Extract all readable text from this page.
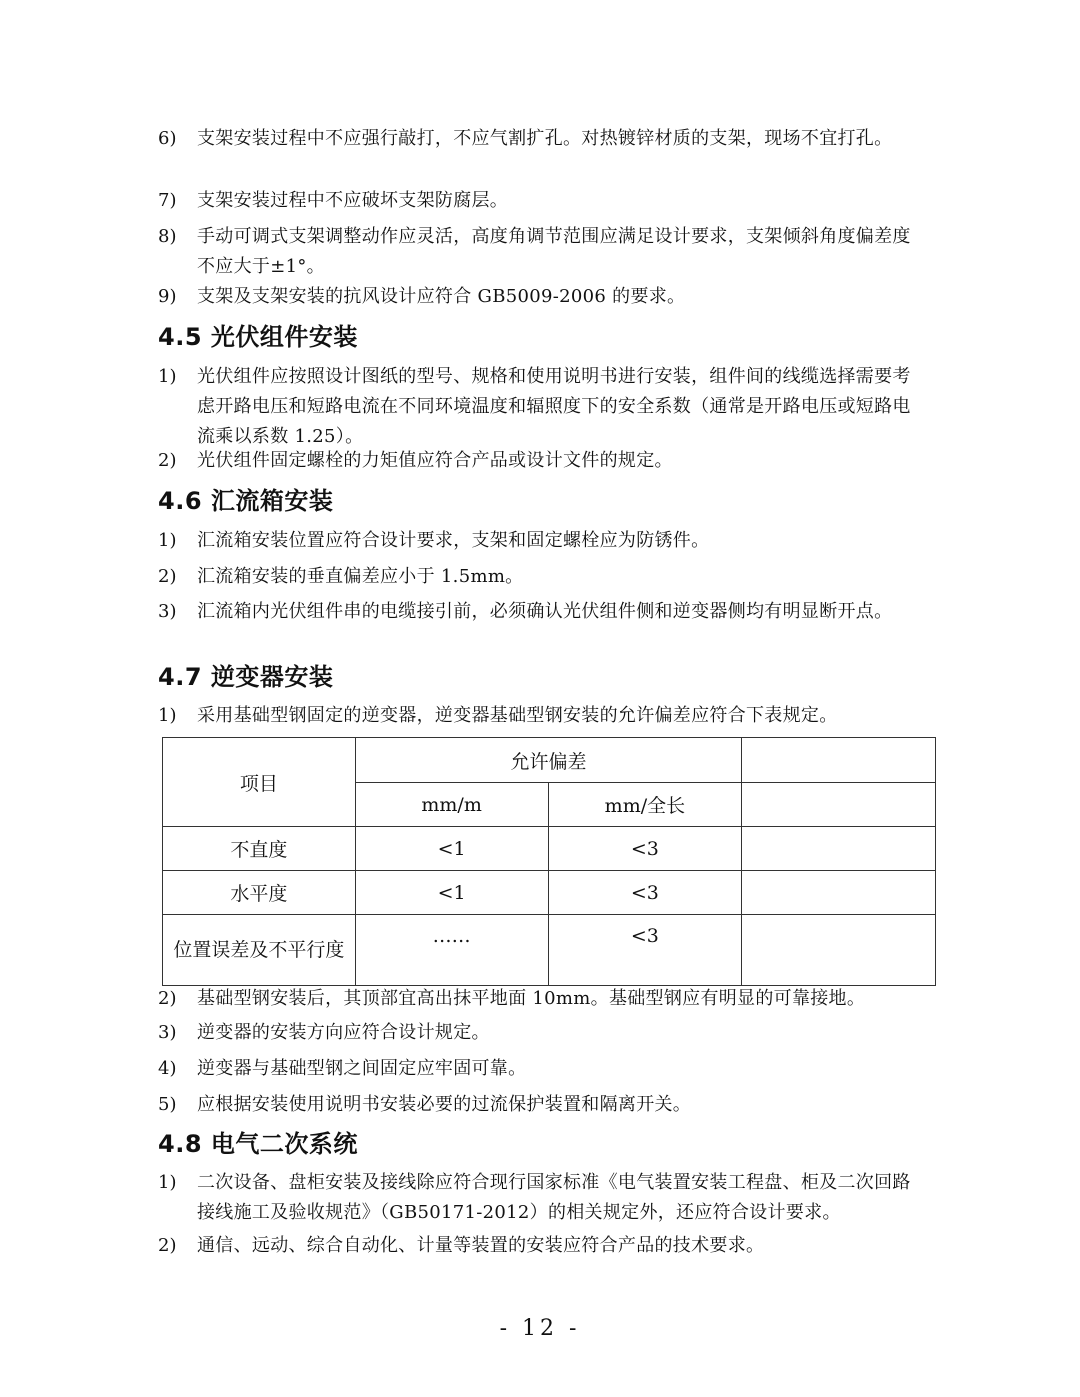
6)	支架安装过程中不应强行敲打，不应气割扩孔。对热镀锌材质的支架，现场不宜打孔。
7)	支架安装过程中不应破坏支架防腐层。
8)	手动可调式支架调整动作应灵活，高度角调节范围应满足设计要求，支架倾斜角度偏差度不应大于±1°。
9)	支架及支架安装的抗风设计应符合 GB5009-2006 的要求。
4.5 光伏组件安装
1)	光伏组件应按照设计图纸的型号、规格和使用说明书进行安装，组件间的线缆选择需要考虑开路电压和短路电流在不同环境温度和辐照度下的安全系数（通常是开路电压或短路电流乘以系数 1.25）。
2)	光伏组件固定螺栓的力矩值应符合产品或设计文件的规定。
4.6 汇流箱安装
1)	汇流箱安装位置应符合设计要求，支架和固定螺栓应为防锈件。
2)	汇流箱安装的垂直偏差应小于 1.5mm。
3)	汇流箱内光伏组件串的电缆接引前，必须确认光伏组件侧和逆变器侧均有明显断开点。
4.7 逆变器安装
1)	采用基础型钢固定的逆变器，逆变器基础型钢安装的允许偏差应符合下表规定。
项目	允许偏差		
	mm/m	mm/全长	
不直度	<1	<3	
水平度	<1	<3	
位置误差及不平行度	……	<3	
2)	基础型钢安装后，其顶部宜高出抹平地面 10mm。基础型钢应有明显的可靠接地。
3)	逆变器的安装方向应符合设计规定。
4)	逆变器与基础型钢之间固定应牢固可靠。
5)	应根据安装使用说明书安装必要的过流保护装置和隔离开关。
4.8 电气二次系统
1)	二次设备、盘柜安装及接线除应符合现行国家标准《电气装置安装工程盘、柜及二次回路接线施工及验收规范》（GB50171-2012）的相关规定外，还应符合设计要求。
2)	通信、远动、综合自动化、计量等装置的安装应符合产品的技术要求。
- 12 -
